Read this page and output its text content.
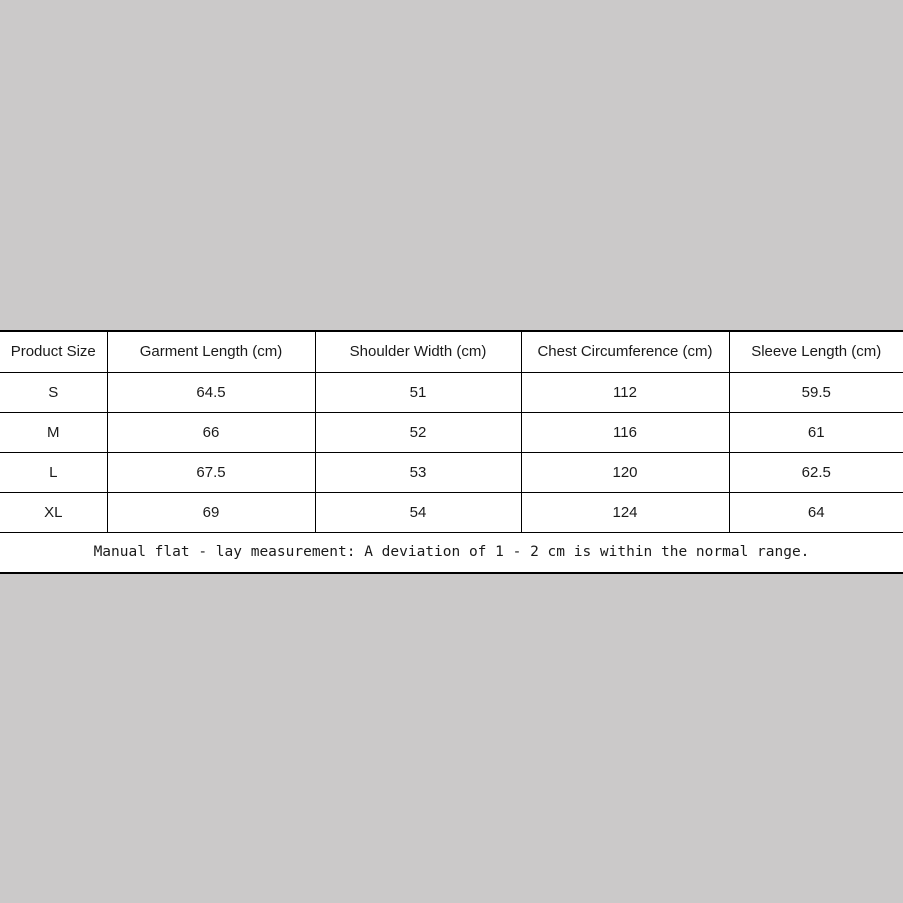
Product Size	Garment Length (cm)	Shoulder Width (cm)	Chest Circumference (cm)	Sleeve Length (cm)
S	64.5	51	112	59.5
M	66	52	116	61
L	67.5	53	120	62.5
XL	69	54	124	64
Manual flat - lay measurement: A deviation of 1 - 2 cm is within the normal range.				
